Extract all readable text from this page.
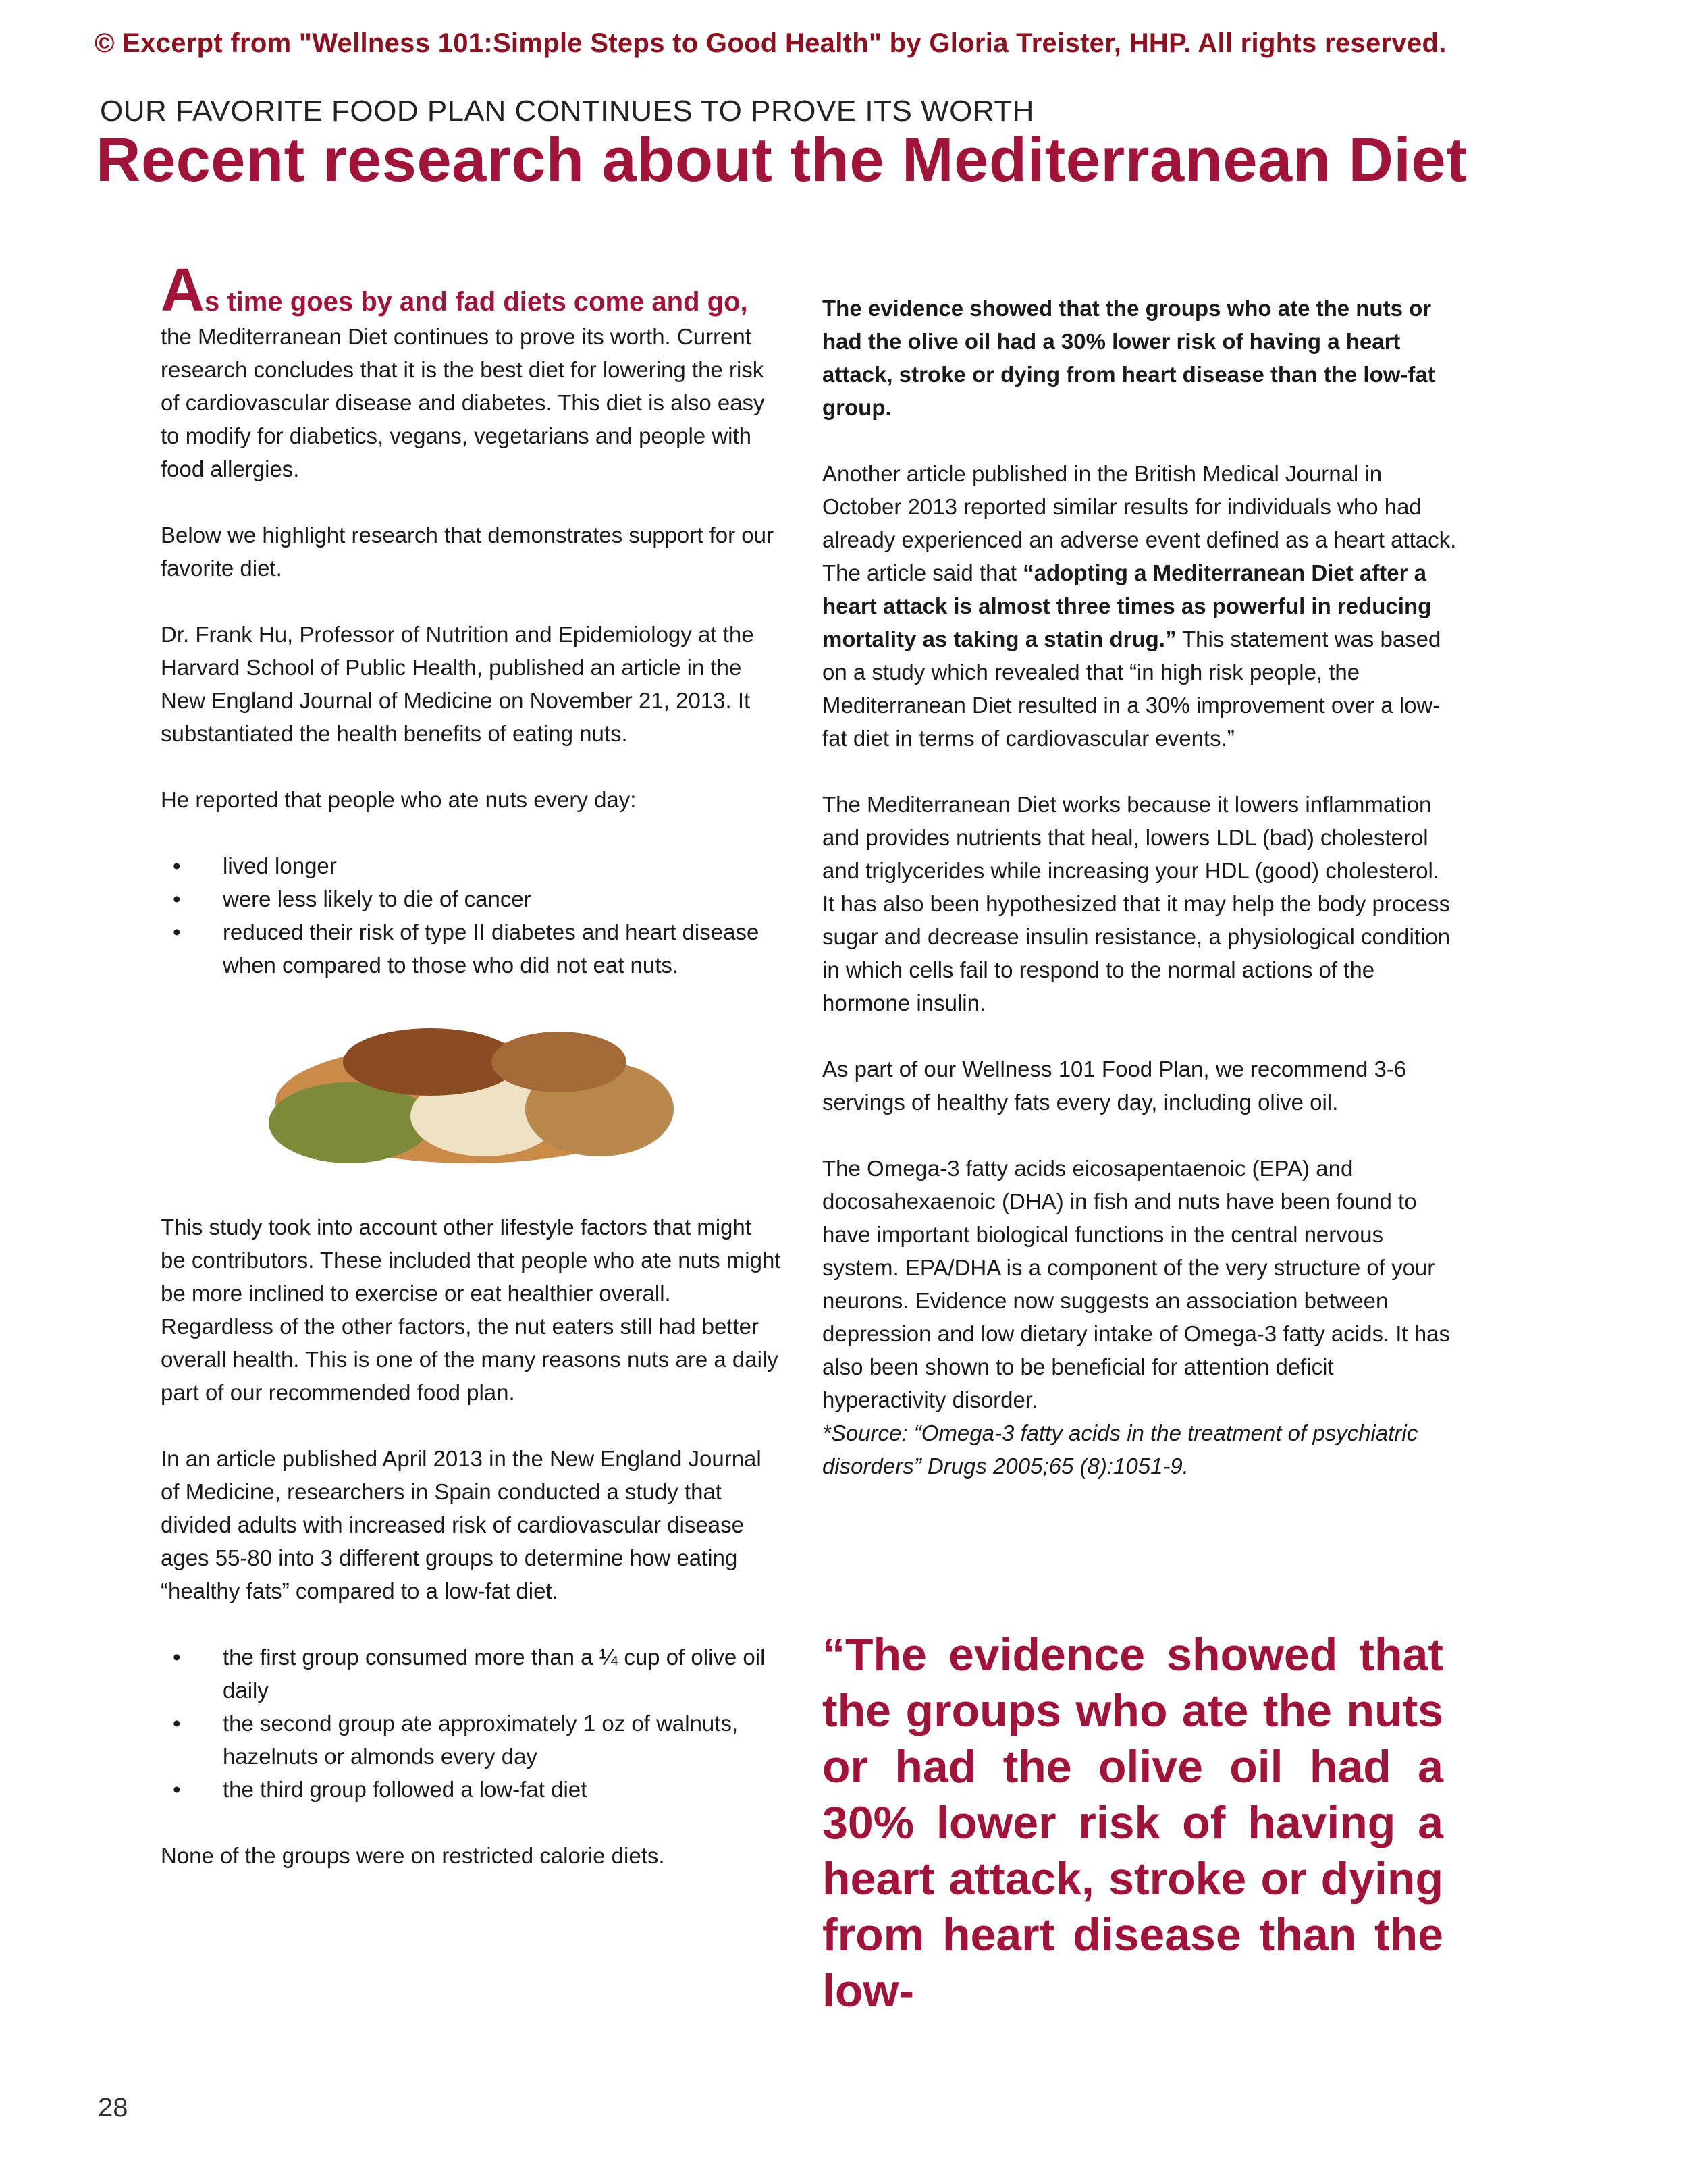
© Excerpt from "Wellness 101:Simple Steps to Good Health" by Gloria Treister, HHP. All rights reserved.
OUR FAVORITE FOOD PLAN CONTINUES TO PROVE ITS WORTH
Recent research about the Mediterranean Diet
As time goes by and fad diets come and go,

the Mediterranean Diet continues to prove its worth. Current research concludes that it is the best diet for lowering the risk of cardiovascular disease and diabetes. This diet is also easy to modify for diabetics, vegans, vegetarians and people with food allergies.

Below we highlight research that demonstrates support for our favorite diet.

Dr. Frank Hu, Professor of Nutrition and Epidemiology at the Harvard School of Public Health, published an article in the New England Journal of Medicine on November 21, 2013. It substantiated the health benefits of eating nuts.

He reported that people who ate nuts every day:

• lived longer
• were less likely to die of cancer
• reduced their risk of type II diabetes and heart disease when compared to those who did not eat nuts.

This study took into account other lifestyle factors that might be contributors. These included that people who ate nuts might be more inclined to exercise or eat healthier overall. Regardless of the other factors, the nut eaters still had better overall health. This is one of the many reasons nuts are a daily part of our recommended food plan.

In an article published April 2013 in the New England Journal of Medicine, researchers in Spain conducted a study that divided adults with increased risk of cardiovascular disease ages 55-80 into 3 different groups to determine how eating “healthy fats” compared to a low-fat diet.

• the first group consumed more than a ¼ cup of olive oil daily
• the second group ate approximately 1 oz of walnuts, hazelnuts or almonds every day
• the third group followed a low-fat diet

None of the groups were on restricted calorie diets.

The evidence showed that the groups who ate the nuts or had the olive oil had a 30% lower risk of having a heart attack, stroke or dying from heart disease than the low-fat group.

Another article published in the British Medical Journal in October 2013 reported similar results for individuals who had already experienced an adverse event defined as a heart attack. The article said that “adopting a Mediterranean Diet after a heart attack is almost three times as powerful in reducing mortality as taking a statin drug.” This statement was based on a study which revealed that “in high risk people, the Mediterranean Diet resulted in a 30% improvement over a low-fat diet in terms of cardiovascular events.”

The Mediterranean Diet works because it lowers inflammation and provides nutrients that heal, lowers LDL (bad) cholesterol and triglycerides while increasing your HDL (good) cholesterol. It has also been hypothesized that it may help the body process sugar and decrease insulin resistance, a physiological condition in which cells fail to respond to the normal actions of the hormone insulin.

As part of our Wellness 101 Food Plan, we recommend 3-6 servings of healthy fats every day, including olive oil.

The Omega-3 fatty acids eicosapentaenoic (EPA) and docosahexaenoic (DHA) in fish and nuts have been found to have important biological functions in the central nervous system. EPA/DHA is a component of the very structure of your neurons. Evidence now suggests an association between depression and low dietary intake of Omega-3 fatty acids. It has also been shown to be beneficial for attention deficit hyperactivity disorder.

*Source: “Omega-3 fatty acids in the treatment of psychiatric disorders” Drugs 2005;65 (8):1051-9.

“The evidence showed that the groups who ate the nuts or had the olive oil had a 30% lower risk of having a heart attack, stroke or dying from heart disease than the low-
28
